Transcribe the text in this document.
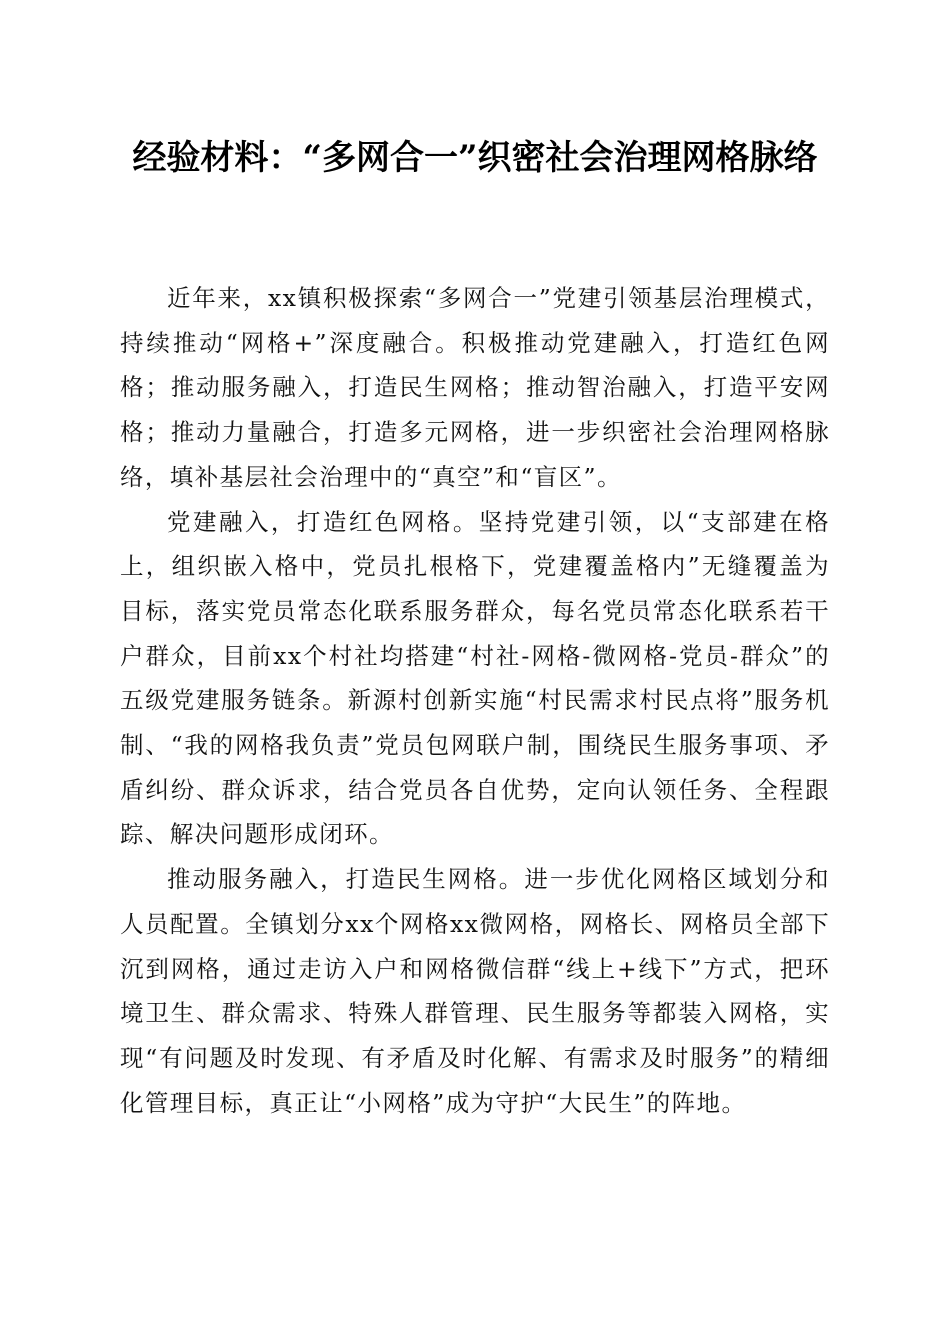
经验材料：“多网合一”织密社会治理网格脉络

近年来，xx镇积极探索“多网合一”党建引领基层治理模式，持续推动“网格+”深度融合。积极推动党建融入，打造红色网格；推动服务融入，打造民生网格；推动智治融入，打造平安网格；推动力量融合，打造多元网格，进一步织密社会治理网格脉络，填补基层社会治理中的“真空”和“盲区”。

党建融入，打造红色网格。坚持党建引领，以“支部建在格上，组织嵌入格中，党员扎根格下，党建覆盖格内”无缝覆盖为目标，落实党员常态化联系服务群众，每名党员常态化联系若干户群众，目前xx个村社均搭建“村社-网格-微网格-党员-群众”的五级党建服务链条。新源村创新实施“村民需求村民点将”服务机制、“我的网格我负责”党员包网联户制，围绕民生服务事项、矛盾纠纷、群众诉求，结合党员各自优势，定向认领任务、全程跟踪、解决问题形成闭环。

推动服务融入，打造民生网格。进一步优化网格区域划分和人员配置。全镇划分xx个网格xx微网格，网格长、网格员全部下沉到网格，通过走访入户和网格微信群“线上+线下”方式，把环境卫生、群众需求、特殊人群管理、民生服务等都装入网格，实现“有问题及时发现、有矛盾及时化解、有需求及时服务”的精细化管理目标，真正让“小网格”成为守护“大民生”的阵地。
